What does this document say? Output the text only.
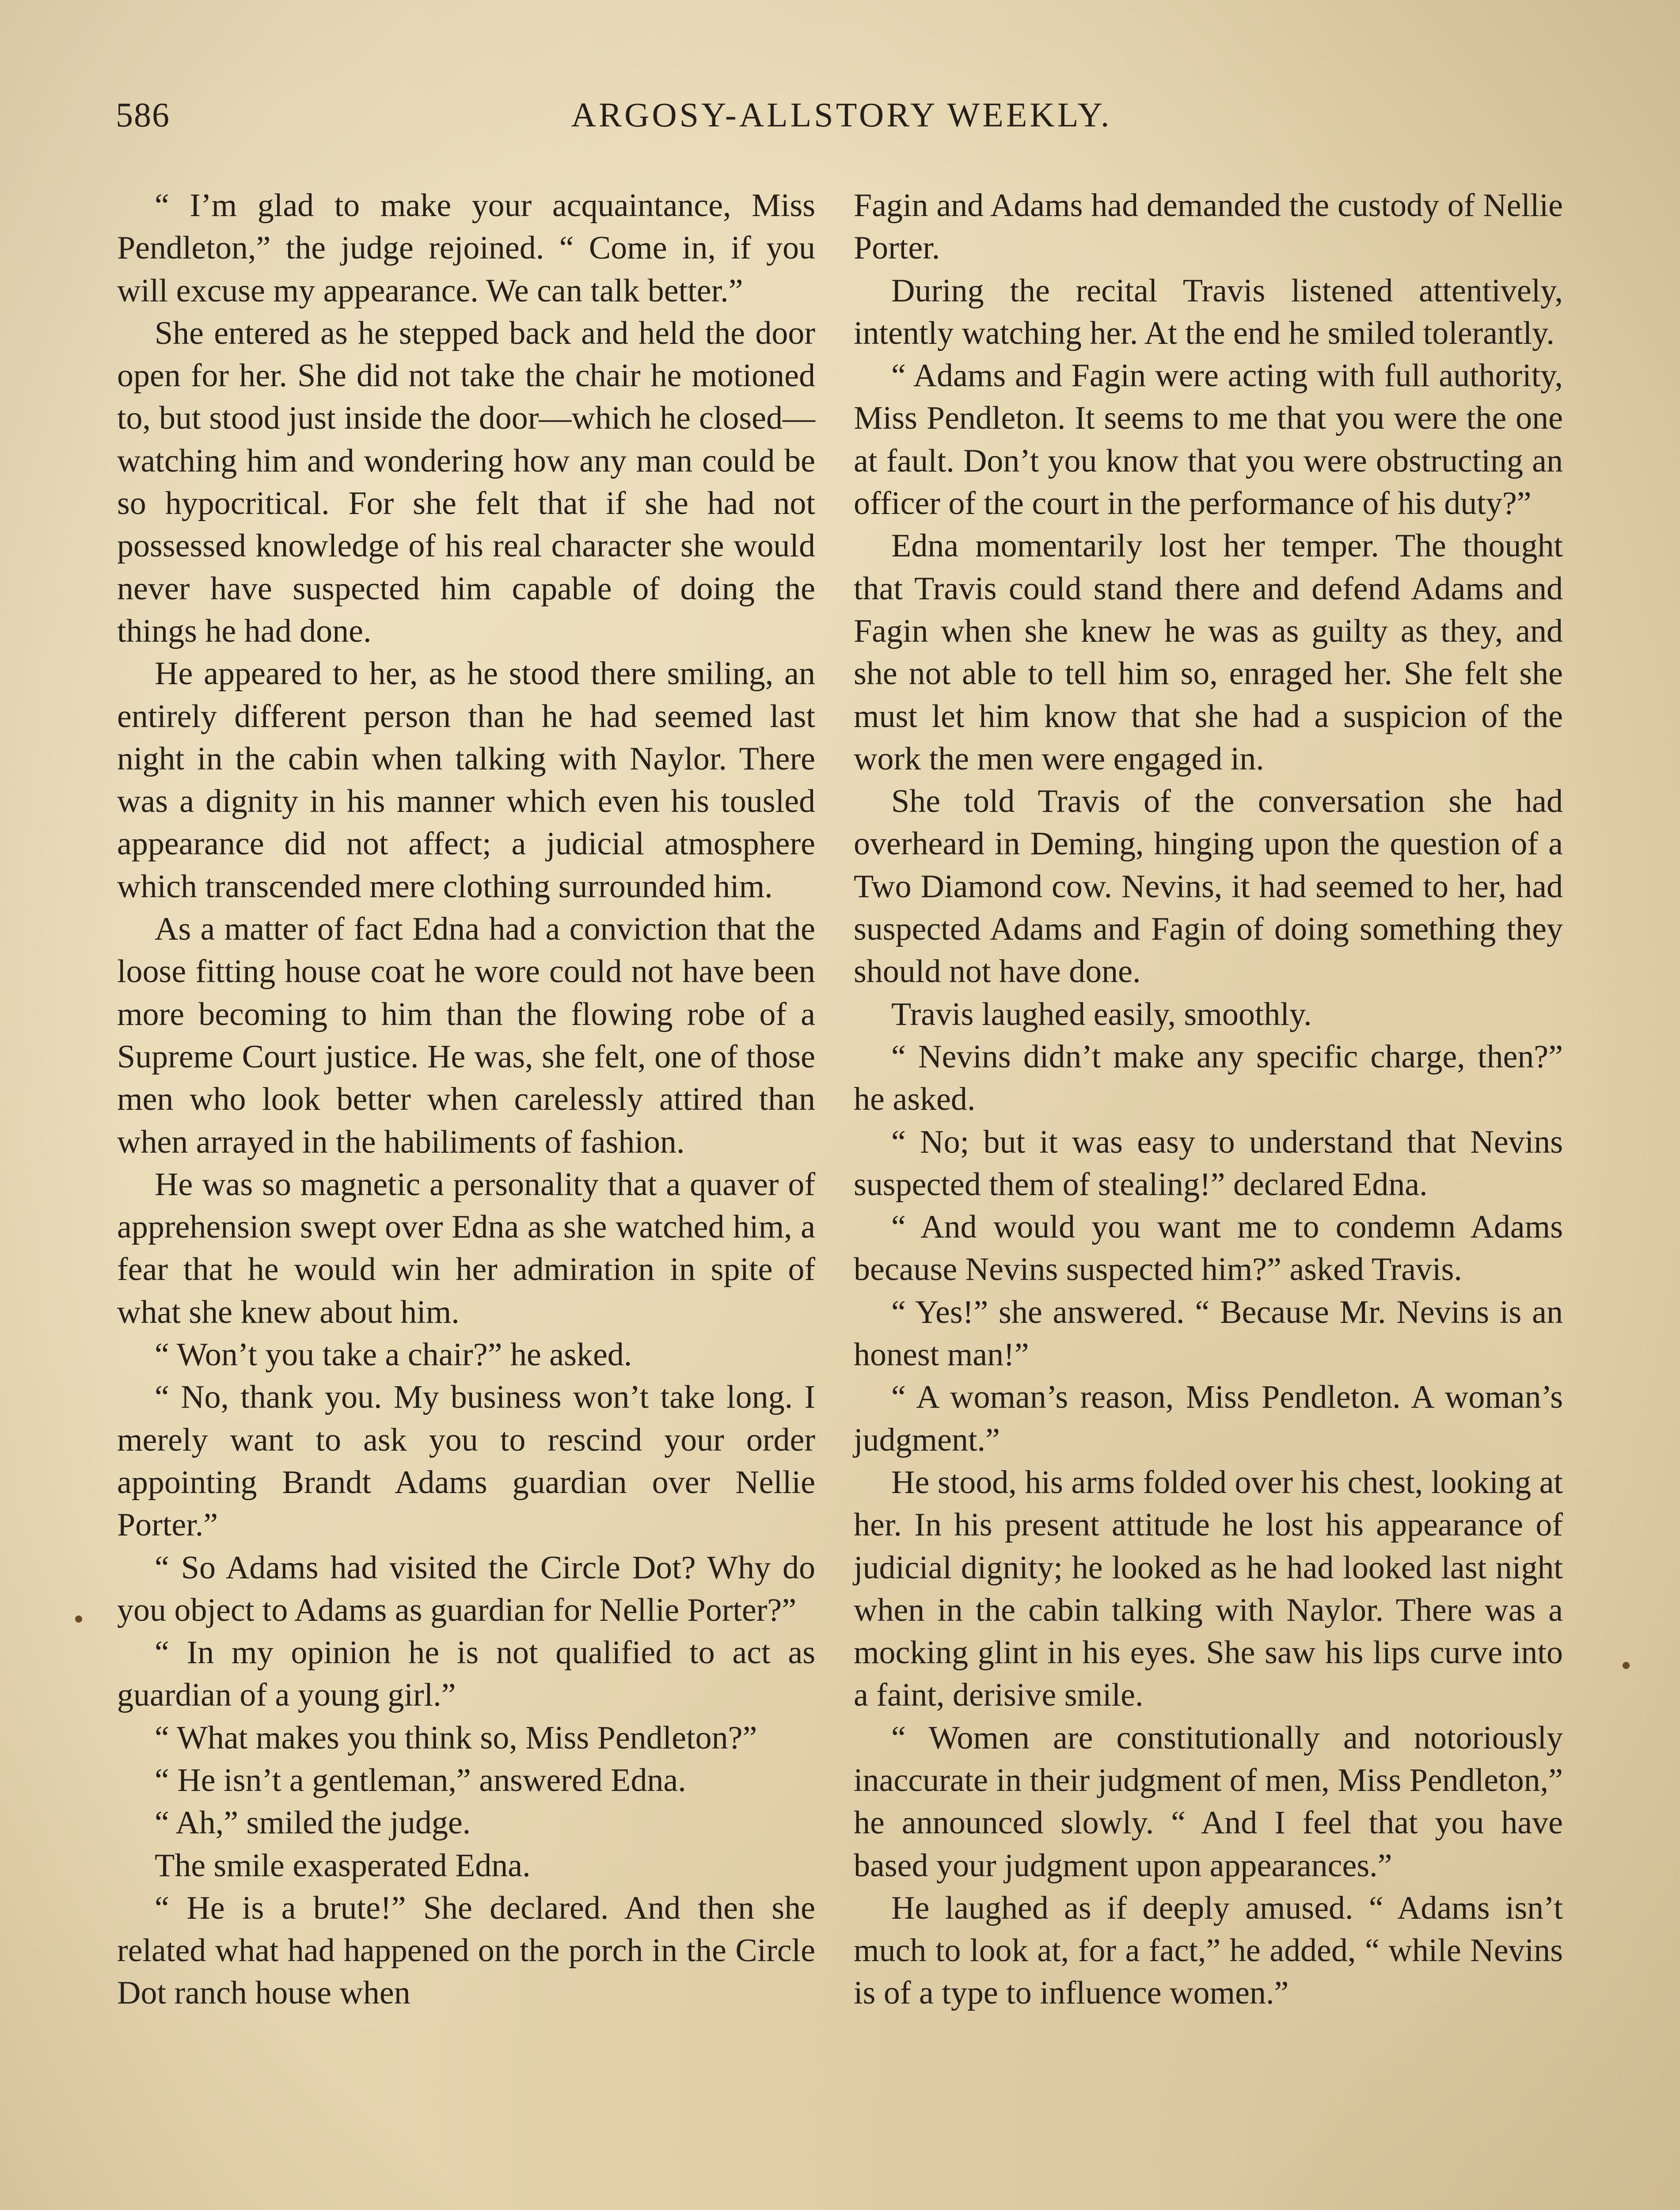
586	ARGOSY-ALLSTORY WEEKLY.

“ I’m glad to make your acquaintance, Miss Pendleton,” the judge rejoined. “ Come in, if you will excuse my appearance. We can talk better.”

She entered as he stepped back and held the door open for her. She did not take the chair he motioned to, but stood just inside the door—which he closed—watching him and wondering how any man could be so hypocritical. For she felt that if she had not possessed knowledge of his real character she would never have suspected him capable of doing the things he had done.

He appeared to her, as he stood there smiling, an entirely different person than he had seemed last night in the cabin when talking with Naylor. There was a dignity in his manner which even his tousled appearance did not affect; a judicial atmosphere which transcended mere clothing surrounded him.

As a matter of fact Edna had a conviction that the loose fitting house coat he wore could not have been more becoming to him than the flowing robe of a Supreme Court justice. He was, she felt, one of those men who look better when carelessly attired than when arrayed in the habiliments of fashion.

He was so magnetic a personality that a quaver of apprehension swept over Edna as she watched him, a fear that he would win her admiration in spite of what she knew about him.

“ Won’t you take a chair?” he asked.

“ No, thank you. My business won’t take long. I merely want to ask you to rescind your order appointing Brandt Adams guardian over Nellie Porter.”

“ So Adams had visited the Circle Dot? Why do you object to Adams as guardian for Nellie Porter?”

“ In my opinion he is not qualified to act as guardian of a young girl.”

“ What makes you think so, Miss Pendleton?”

“ He isn’t a gentleman,” answered Edna.

“ Ah,” smiled the judge.

The smile exasperated Edna.

“ He is a brute!” She declared. And then she related what had happened on the porch in the Circle Dot ranch house when

Fagin and Adams had demanded the custody of Nellie Porter.

During the recital Travis listened attentively, intently watching her. At the end he smiled tolerantly.

“ Adams and Fagin were acting with full authority, Miss Pendleton. It seems to me that you were the one at fault. Don’t you know that you were obstructing an officer of the court in the performance of his duty?”

Edna momentarily lost her temper. The thought that Travis could stand there and defend Adams and Fagin when she knew he was as guilty as they, and she not able to tell him so, enraged her. She felt she must let him know that she had a suspicion of the work the men were engaged in.

She told Travis of the conversation she had overheard in Deming, hinging upon the question of a Two Diamond cow. Nevins, it had seemed to her, had suspected Adams and Fagin of doing something they should not have done.

Travis laughed easily, smoothly.

“ Nevins didn’t make any specific charge, then?” he asked.

“ No; but it was easy to understand that Nevins suspected them of stealing!” declared Edna.

“ And would you want me to condemn Adams because Nevins suspected him?” asked Travis.

“ Yes!” she answered. “ Because Mr. Nevins is an honest man!”

“ A woman’s reason, Miss Pendleton. A woman’s judgment.”

He stood, his arms folded over his chest, looking at her. In his present attitude he lost his appearance of judicial dignity; he looked as he had looked last night when in the cabin talking with Naylor. There was a mocking glint in his eyes. She saw his lips curve into a faint, derisive smile.

“ Women are constitutionally and notoriously inaccurate in their judgment of men, Miss Pendleton,” he announced slowly. “ And I feel that you have based your judgment upon appearances.”

He laughed as if deeply amused. “ Adams isn’t much to look at, for a fact,” he added, “ while Nevins is of a type to influence women.”
